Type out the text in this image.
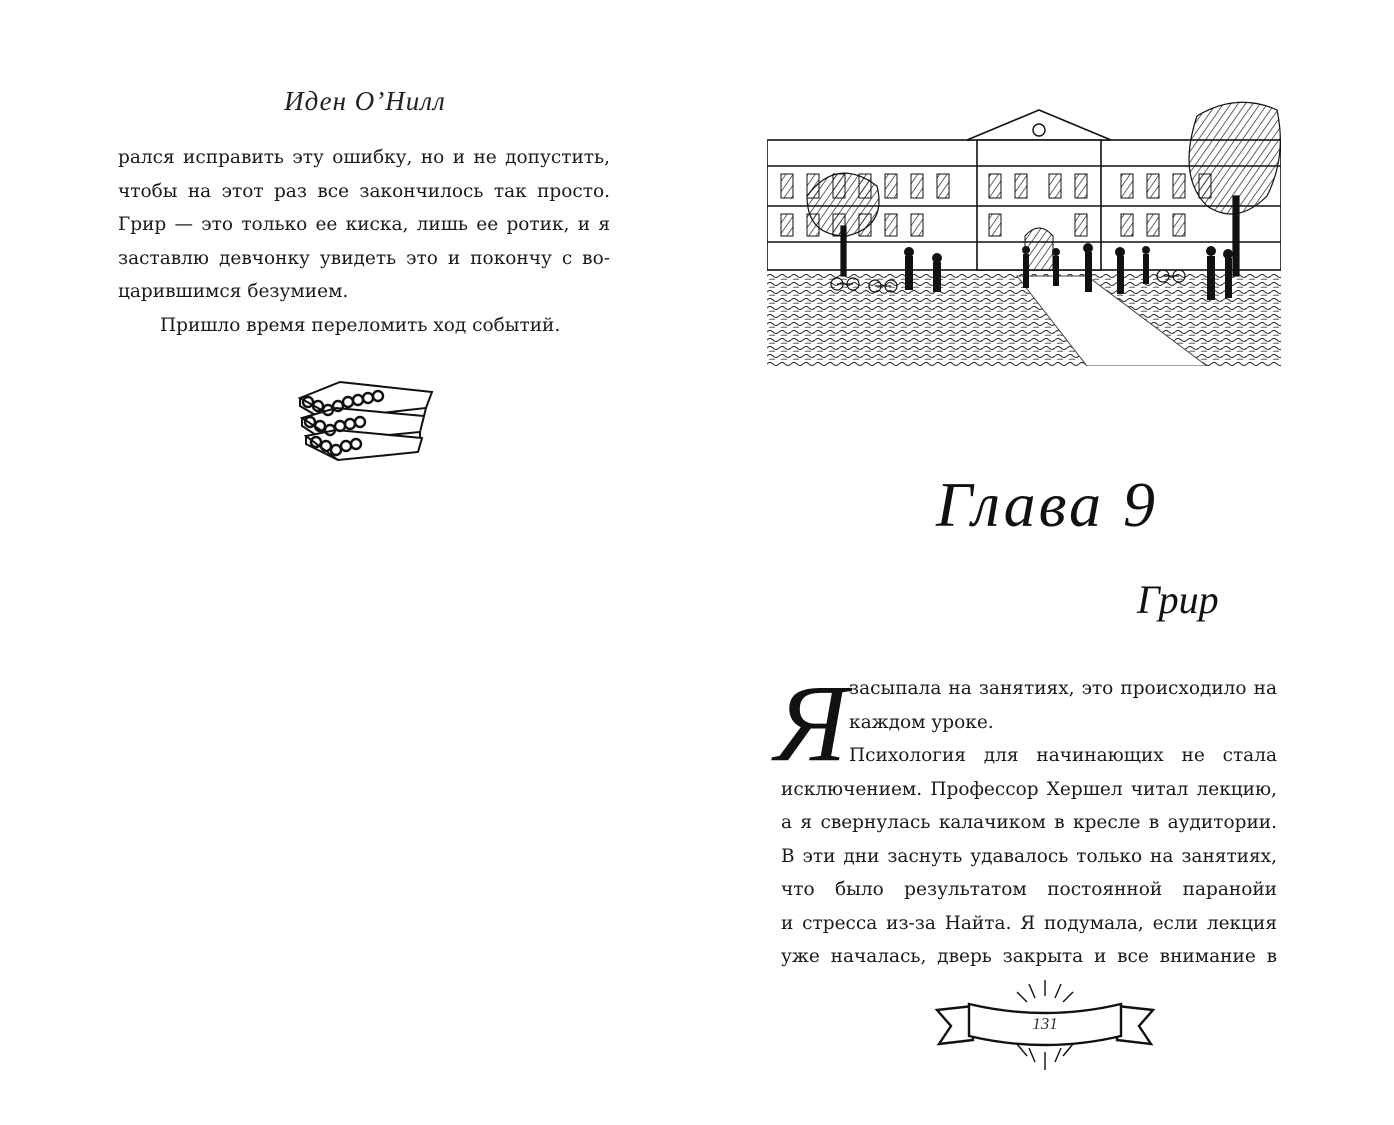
Иден О’Нилл
рался исправить эту ошибку, но и не допустить,
чтобы на этот раз все закончилось так просто.
Грир — это только ее киска, лишь ее ротик, и я
заставлю девчонку увидеть это и покончу с во-
царившимся безумием.
Пришло время переломить ход событий.
Глава 9
Грир
Я засыпала на занятиях, это происходило на
каждом уроке.
Психология для начинающих не стала
исключением. Профессор Хершел читал лекцию,
а я свернулась калачиком в кресле в аудитории.
В эти дни заснуть удавалось только на занятиях,
что было результатом постоянной паранойи
и стресса из-за Найта. Я подумала, если лекция
уже началась, дверь закрыта и все внимание в
131
